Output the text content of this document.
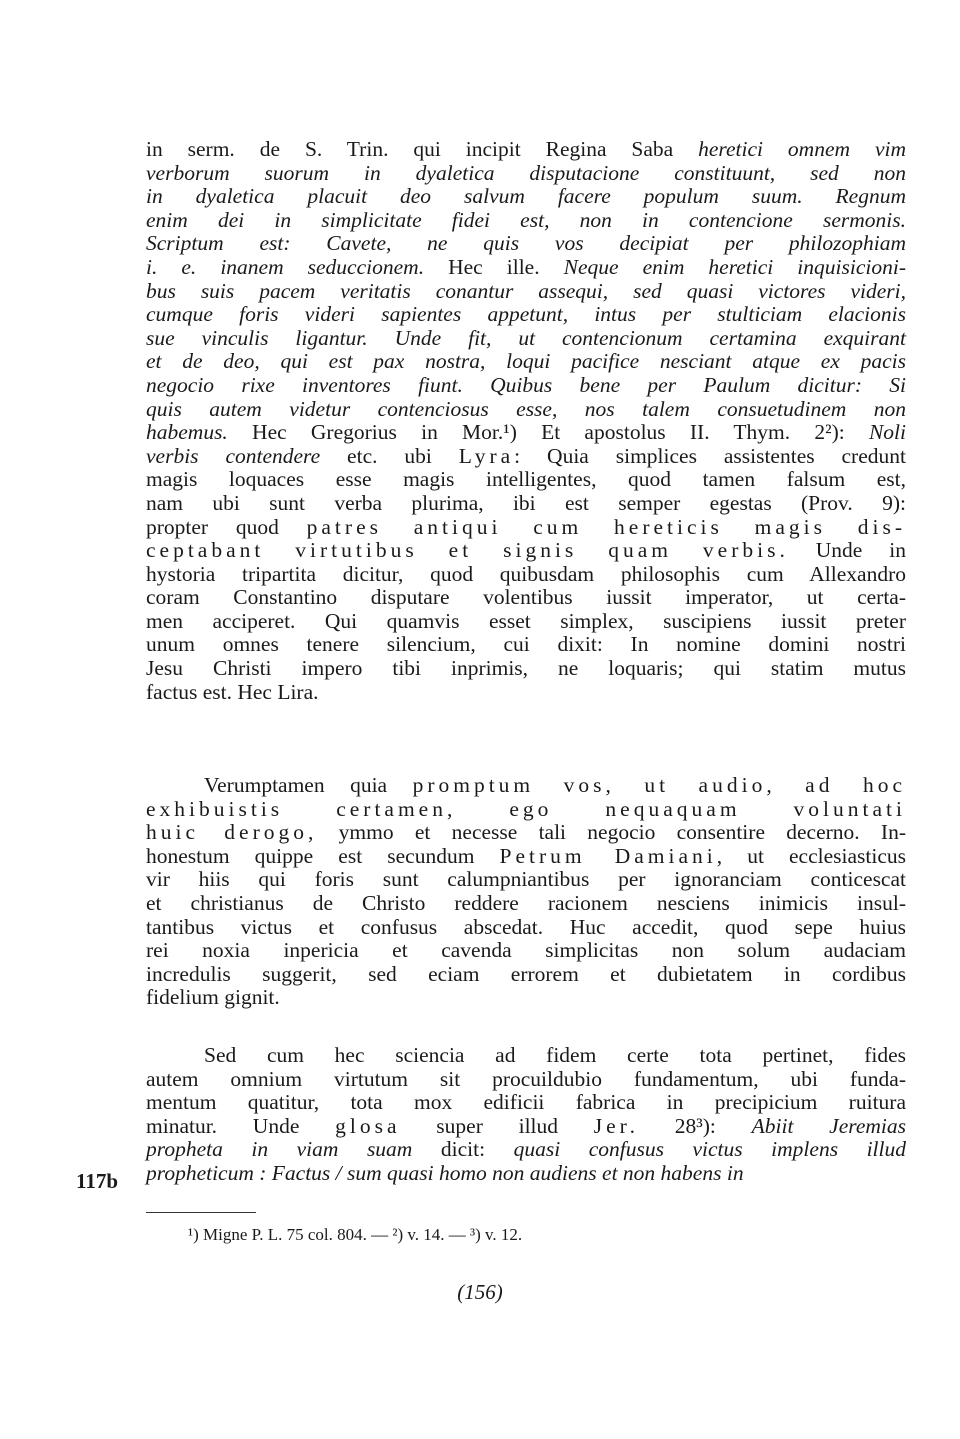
in serm. de S. Trin. qui incipit Regina Saba heretici omnem vim
verborum suorum in dyaletica disputacione constituunt, sed non
in dyaletica placuit deo salvum facere populum suum. Regnum
enim dei in simplicitate fidei est, non in contencione sermonis.
Scriptum est: Cavete, ne quis vos decipiat per philozophiam
i. e. inanem seduccionem. Hec ille. Neque enim heretici inquisicioni-
bus suis pacem veritatis conantur assequi, sed quasi victores videri,
cumque foris videri sapientes appetunt, intus per stulticiam elacionis
sue vinculis ligantur. Unde fit, ut contencionum certamina exquirant
et de deo, qui est pax nostra, loqui pacifice nesciant atque ex pacis
negocio rixe inventores fiunt. Quibus bene per Paulum dicitur: Si
quis autem videtur contenciosus esse, nos talem consuetudinem non
habemus. Hec Gregorius in Mor.¹) Et apostolus II. Thym. 2²): Noli
verbis contendere etc. ubi Lyra: Quia simplices assistentes credunt
magis loquaces esse magis intelligentes, quod tamen falsum est,
nam ubi sunt verba plurima, ibi est semper egestas (Prov. 9):
propter quod patres antiqui cum hereticis magis dis-
ceptabant virtutibus et signis quam verbis. Unde in
hystoria tripartita dicitur, quod quibusdam philosophis cum Allexandro
coram Constantino disputare volentibus iussit imperator, ut certa-
men acciperet. Qui quamvis esset simplex, suscipiens iussit preter
unum omnes tenere silencium, cui dixit: In nomine domini nostri
Jesu Christi impero tibi inprimis, ne loquaris; qui statim mutus
factus est. Hec Lira.
Verumptamen quia promptum vos, ut audio, ad hoc
exhibuistis certamen, ego nequaquam voluntati
huic derogo, ymmo et necesse tali negocio consentire decerno. In-
honestum quippe est secundum Petrum Damiani, ut ecclesiasticus
vir hiis qui foris sunt calumpniantibus per ignoranciam conticescat
et christianus de Christo reddere racionem nesciens inimicis insul-
tantibus victus et confusus abscedat. Huc accedit, quod sepe huius
rei noxia inpericia et cavenda simplicitas non solum audaciam
incredulis suggerit, sed eciam errorem et dubietatem in cordibus
fidelium gignit.
Sed cum hec sciencia ad fidem certe tota pertinet, fides
autem omnium virtutum sit procuildubio fundamentum, ubi funda-
mentum quatitur, tota mox edificii fabrica in precipicium ruitura
minatur. Unde glosa super illud Jer. 28³): Abiit Jeremias
propheta in viam suam dicit: quasi confusus victus implens illud
propheticum : Factus / sum quasi homo non audiens et non habens in
117b
¹) Migne P. L. 75 col. 804. — ²) v. 14. — ³) v. 12.
(156)
